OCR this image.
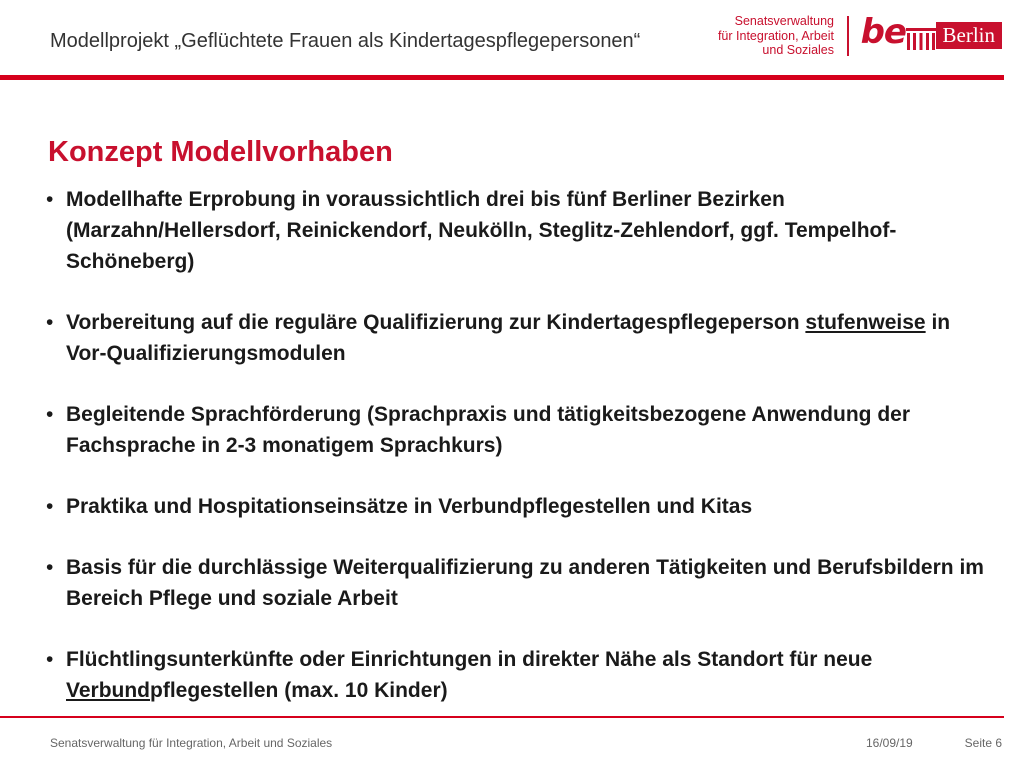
Modellprojekt „Geflüchtete Frauen als Kindertagespflegepersonen“
Senatsverwaltung
für Integration, Arbeit
und Soziales be	Berlin
Konzept Modellvorhaben
• Modellhafte Erprobung in voraussichtlich drei bis fünf Berliner Bezirken (Marzahn/Hellersdorf, Reinickendorf, Neukölln, Steglitz-Zehlendorf, ggf. Tempelhof-Schöneberg)
• Vorbereitung auf die reguläre Qualifizierung zur Kindertagespflegeperson stufenweise in Vor-Qualifizierungsmodulen
• Begleitende Sprachförderung (Sprachpraxis und tätigkeitsbezogene Anwendung der Fachsprache in 2-3 monatigem Sprachkurs)
• Praktika und Hospitationseinsätze in Verbundpflegestellen und Kitas
• Basis für die durchlässige Weiterqualifizierung zu anderen Tätigkeiten und Berufsbildern im Bereich Pflege und soziale Arbeit
• Flüchtlingsunterkünfte oder Einrichtungen in direkter Nähe als Standort für neue Verbundpflegestellen (max. 10 Kinder)
Senatsverwaltung für Integration, Arbeit und Soziales	16/09/19	Seite 6
